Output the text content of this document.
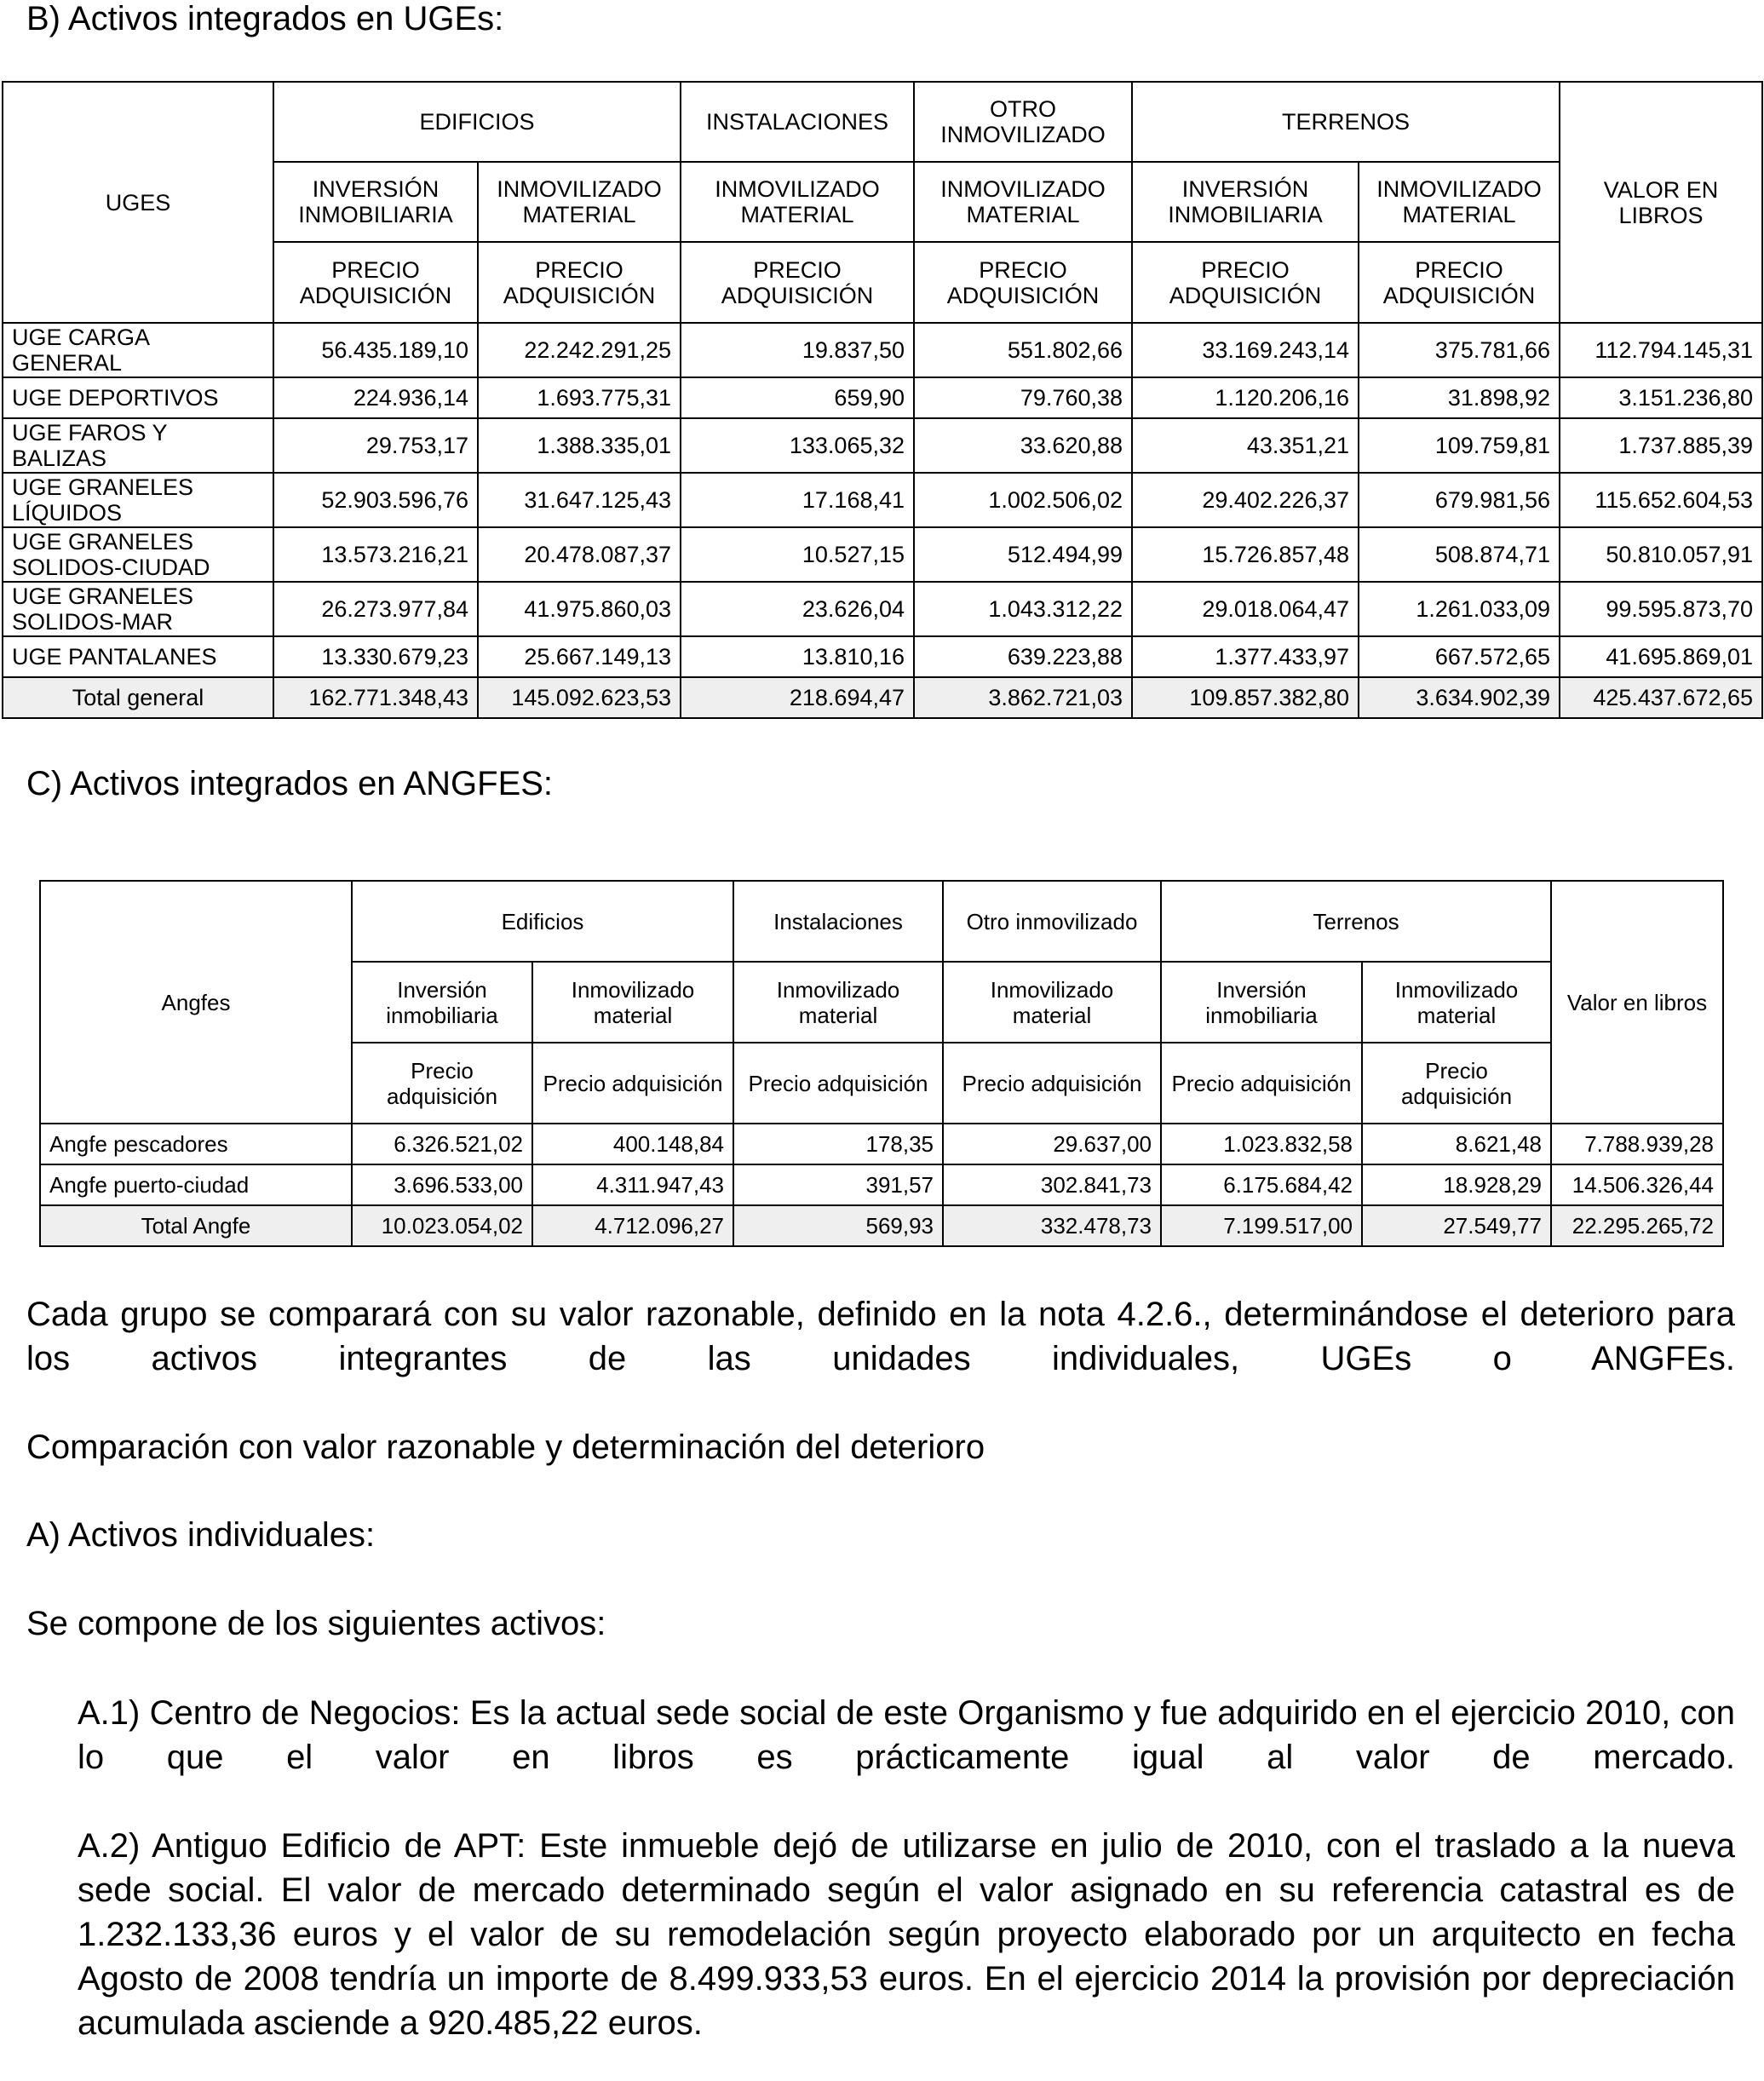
B) Activos integrados en UGEs:
UGES	EDIFICIOS		INSTALACIONES	OTRO INMOVILIZADO	TERRENOS		VALOR EN LIBROS
	INVERSIÓN INMOBILIARIA	INMOVILIZADO MATERIAL	INMOVILIZADO MATERIAL	INMOVILIZADO MATERIAL	INVERSIÓN INMOBILIARIA	INMOVILIZADO MATERIAL	
	PRECIO ADQUISICIÓN	PRECIO ADQUISICIÓN	PRECIO ADQUISICIÓN	PRECIO ADQUISICIÓN	PRECIO ADQUISICIÓN	PRECIO ADQUISICIÓN	
UGE CARGA GENERAL	56.435.189,10	22.242.291,25	19.837,50	551.802,66	33.169.243,14	375.781,66	112.794.145,31
UGE DEPORTIVOS	224.936,14	1.693.775,31	659,90	79.760,38	1.120.206,16	31.898,92	3.151.236,80
UGE FAROS Y BALIZAS	29.753,17	1.388.335,01	133.065,32	33.620,88	43.351,21	109.759,81	1.737.885,39
UGE GRANELES LÍQUIDOS	52.903.596,76	31.647.125,43	17.168,41	1.002.506,02	29.402.226,37	679.981,56	115.652.604,53
UGE GRANELES SOLIDOS-CIUDAD	13.573.216,21	20.478.087,37	10.527,15	512.494,99	15.726.857,48	508.874,71	50.810.057,91
UGE GRANELES SOLIDOS-MAR	26.273.977,84	41.975.860,03	23.626,04	1.043.312,22	29.018.064,47	1.261.033,09	99.595.873,70
UGE PANTALANES	13.330.679,23	25.667.149,13	13.810,16	639.223,88	1.377.433,97	667.572,65	41.695.869,01
Total general	162.771.348,43	145.092.623,53	218.694,47	3.862.721,03	109.857.382,80	3.634.902,39	425.437.672,65
C) Activos integrados en ANGFES:
Angfes	Edificios		Instalaciones	Otro inmovilizado	Terrenos		Valor en libros
	Inversión inmobiliaria	Inmovilizado material	Inmovilizado material	Inmovilizado material	Inversión inmobiliaria	Inmovilizado material	
	Precio adquisición	Precio adquisición	Precio adquisición	Precio adquisición	Precio adquisición	Precio adquisición	
Angfe pescadores	6.326.521,02	400.148,84	178,35	29.637,00	1.023.832,58	8.621,48	7.788.939,28
Angfe puerto-ciudad	3.696.533,00	4.311.947,43	391,57	302.841,73	6.175.684,42	18.928,29	14.506.326,44
Total Angfe	10.023.054,02	4.712.096,27	569,93	332.478,73	7.199.517,00	27.549,77	22.295.265,72

Cada grupo se comparará con su valor razonable, definido en la nota 4.2.6., determinándose el deterioro para los activos integrantes de las unidades individuales, UGEs o ANGFEs.

Comparación con valor razonable y determinación del deterioro

A) Activos individuales:

Se compone de los siguientes activos:

A.1) Centro de Negocios: Es la actual sede social de este Organismo y fue adquirido en el ejercicio 2010, con lo que el valor en libros es prácticamente igual al valor de mercado.

A.2) Antiguo Edificio de APT: Este inmueble dejó de utilizarse en julio de 2010, con el traslado a la nueva sede social. El valor de mercado determinado según el valor asignado en su referencia catastral es de 1.232.133,36 euros y el valor de su remodelación según proyecto elaborado por un arquitecto en fecha Agosto de 2008 tendría un importe de 8.499.933,53 euros. En el ejercicio 2014 la provisión por depreciación acumulada asciende a 920.485,22 euros.
